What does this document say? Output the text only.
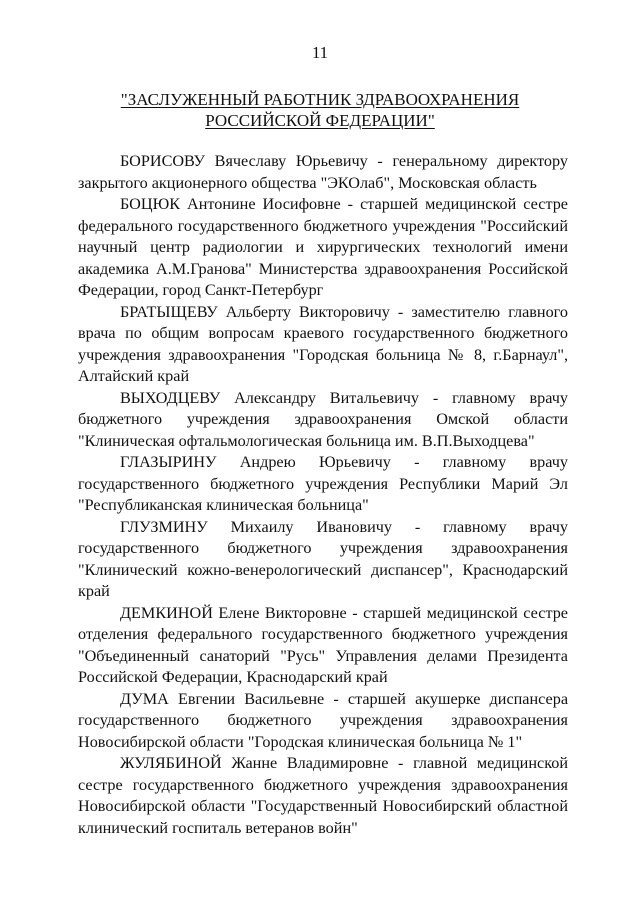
11
"ЗАСЛУЖЕННЫЙ РАБОТНИК ЗДРАВООХРАНЕНИЯ
РОССИЙСКОЙ ФЕДЕРАЦИИ"

БОРИСОВУ Вячеславу Юрьевичу - генеральному директору закрытого акционерного общества "ЭКОлаб", Московская область

БОЦЮК Антонине Иосифовне - старшей медицинской сестре федерального государственного бюджетного учреждения "Российский научный центр радиологии и хирургических технологий имени академика А.М.Гранова" Министерства здравоохранения Российской Федерации, город Санкт-Петербург

БРАТЫЩЕВУ Альберту Викторовичу - заместителю главного врача по общим вопросам краевого государственного бюджетного учреждения здравоохранения "Городская больница № 8, г.Барнаул", Алтайский край

ВЫХОДЦЕВУ Александру Витальевичу - главному врачу бюджетного учреждения здравоохранения Омской области "Клиническая офтальмологическая больница им. В.П.Выходцева"

ГЛАЗЫРИНУ Андрею Юрьевичу - главному врачу государственного бюджетного учреждения Республики Марий Эл "Республиканская клиническая больница"

ГЛУЗМИНУ Михаилу Ивановичу - главному врачу государственного бюджетного учреждения здравоохранения "Клинический кожно-венерологический диспансер", Краснодарский край

ДЕМКИНОЙ Елене Викторовне - старшей медицинской сестре отделения федерального государственного бюджетного учреждения "Объединенный санаторий "Русь" Управления делами Президента Российской Федерации, Краснодарский край

ДУМА Евгении Васильевне - старшей акушерке диспансера государственного бюджетного учреждения здравоохранения Новосибирской области "Городская клиническая больница № 1"

ЖУЛЯБИНОЙ Жанне Владимировне - главной медицинской сестре государственного бюджетного учреждения здравоохранения Новосибирской области "Государственный Новосибирский областной клинический госпиталь ветеранов войн"
